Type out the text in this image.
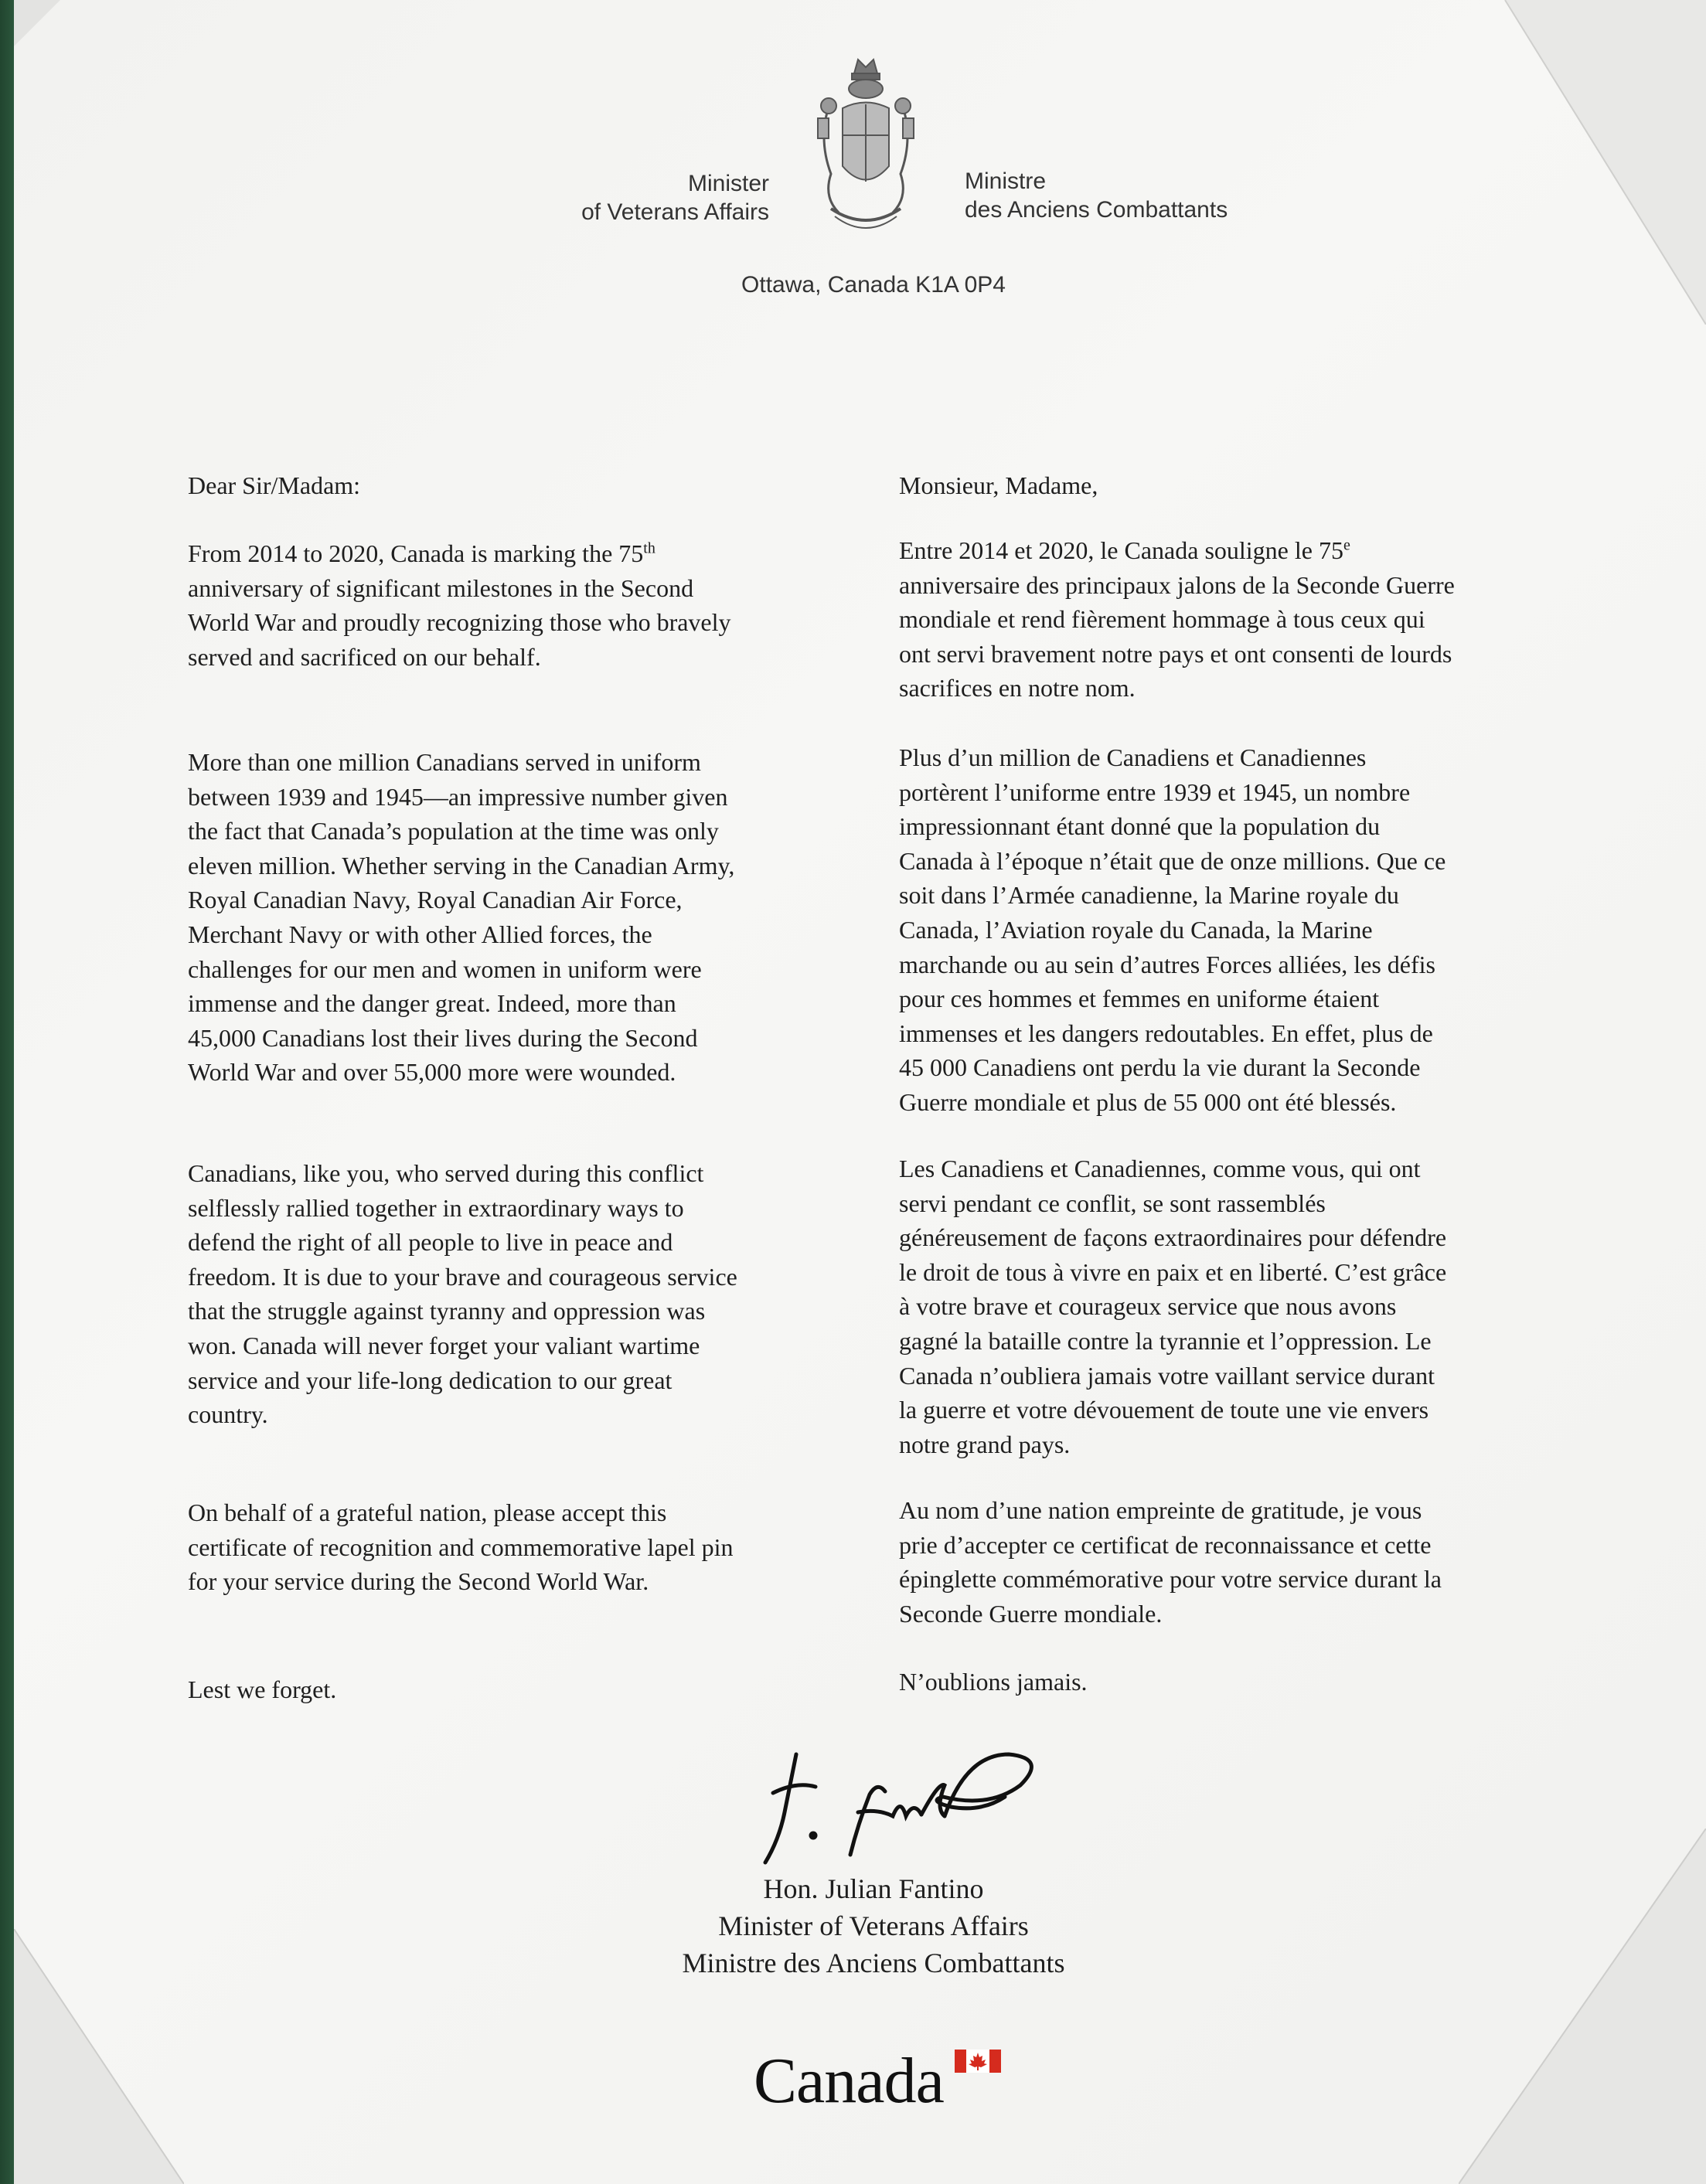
Minister
of Veterans Affairs
Ministre
des Anciens Combattants
Ottawa, Canada K1A 0P4

Dear Sir/Madam:

From 2014 to 2020, Canada is marking the 75th
anniversary of significant milestones in the Second
World War and proudly recognizing those who bravely
served and sacrificed on our behalf.
More than one million Canadians served in uniform
between 1939 and 1945—an impressive number given
the fact that Canada’s population at the time was only
eleven million. Whether serving in the Canadian Army,
Royal Canadian Navy, Royal Canadian Air Force,
Merchant Navy or with other Allied forces, the
challenges for our men and women in uniform were
immense and the danger great. Indeed, more than
45,000 Canadians lost their lives during the Second
World War and over 55,000 more were wounded.
Canadians, like you, who served during this conflict
selflessly rallied together in extraordinary ways to
defend the right of all people to live in peace and
freedom. It is due to your brave and courageous service
that the struggle against tyranny and oppression was
won. Canada will never forget your valiant wartime
service and your life-long dedication to our great
country.
On behalf of a grateful nation, please accept this
certificate of recognition and commemorative lapel pin
for your service during the Second World War.

Lest we forget.

Monsieur, Madame,

Entre 2014 et 2020, le Canada souligne le 75e
anniversaire des principaux jalons de la Seconde Guerre
mondiale et rend fièrement hommage à tous ceux qui
ont servi bravement notre pays et ont consenti de lourds
sacrifices en notre nom.
Plus d’un million de Canadiens et Canadiennes
portèrent l’uniforme entre 1939 et 1945, un nombre
impressionnant étant donné que la population du
Canada à l’époque n’était que de onze millions. Que ce
soit dans l’Armée canadienne, la Marine royale du
Canada, l’Aviation royale du Canada, la Marine
marchande ou au sein d’autres Forces alliées, les défis
pour ces hommes et femmes en uniforme étaient
immenses et les dangers redoutables. En effet, plus de
45 000 Canadiens ont perdu la vie durant la Seconde
Guerre mondiale et plus de 55 000 ont été blessés.
Les Canadiens et Canadiennes, comme vous, qui ont
servi pendant ce conflit, se sont rassemblés
généreusement de façons extraordinaires pour défendre
le droit de tous à vivre en paix et en liberté. C’est grâce
à votre brave et courageux service que nous avons
gagné la bataille contre la tyrannie et l’oppression. Le
Canada n’oubliera jamais votre vaillant service durant
la guerre et votre dévouement de toute une vie envers
notre grand pays.
Au nom d’une nation empreinte de gratitude, je vous
prie d’accepter ce certificat de reconnaissance et cette
épinglette commémorative pour votre service durant la
Seconde Guerre mondiale.

N’oublions jamais.

Hon. Julian Fantino
Minister of Veterans Affairs
Ministre des Anciens Combattants
Canada
